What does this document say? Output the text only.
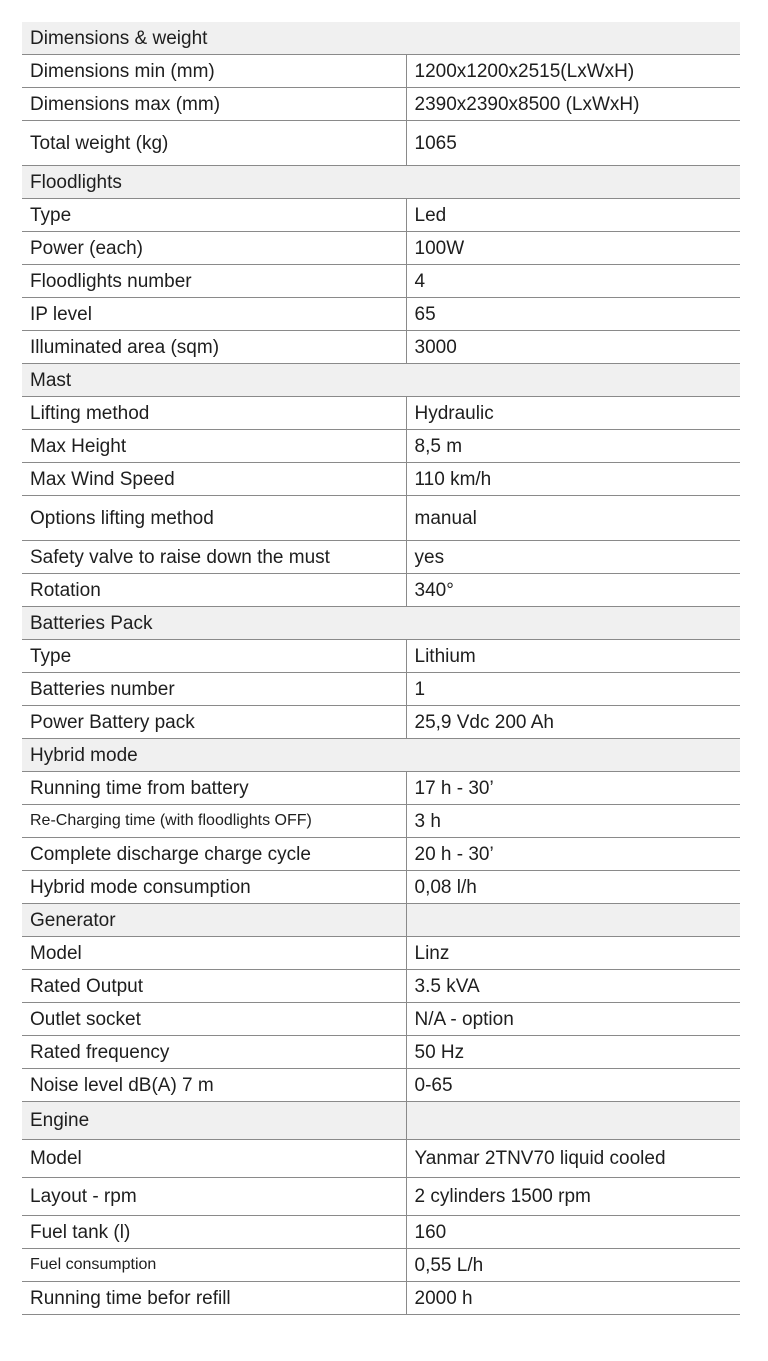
Dimensions & weight	
Dimensions min (mm)	1200x1200x2515(LxWxH)
Dimensions max (mm)	2390x2390x8500 (LxWxH)
Total weight (kg)	1065
Floodlights	
Type	Led
Power (each)	100W
Floodlights number	4
IP level	65
Illuminated area (sqm)	3000
Mast	
Lifting method	Hydraulic
Max Height	8,5 m
Max Wind Speed	110 km/h
Options lifting method	manual
Safety valve to raise down the must	yes
Rotation	340°
Batteries Pack	
Type	Lithium
Batteries number	1
Power Battery pack	25,9 Vdc 200 Ah
Hybrid mode	
Running time from battery	17 h - 30’
Re-Charging time (with floodlights OFF)	3 h
Complete discharge charge cycle	20 h - 30’
Hybrid mode consumption	0,08 l/h
Generator	
Model	Linz
Rated Output	3.5 kVA
Outlet socket	N/A - option
Rated frequency	50 Hz
Noise level dB(A) 7 m	0-65
Engine	
Model	Yanmar 2TNV70 liquid cooled
Layout - rpm	2 cylinders 1500 rpm
Fuel tank (l)	160
Fuel consumption	0,55 L/h
Running time befor refill	2000 h
